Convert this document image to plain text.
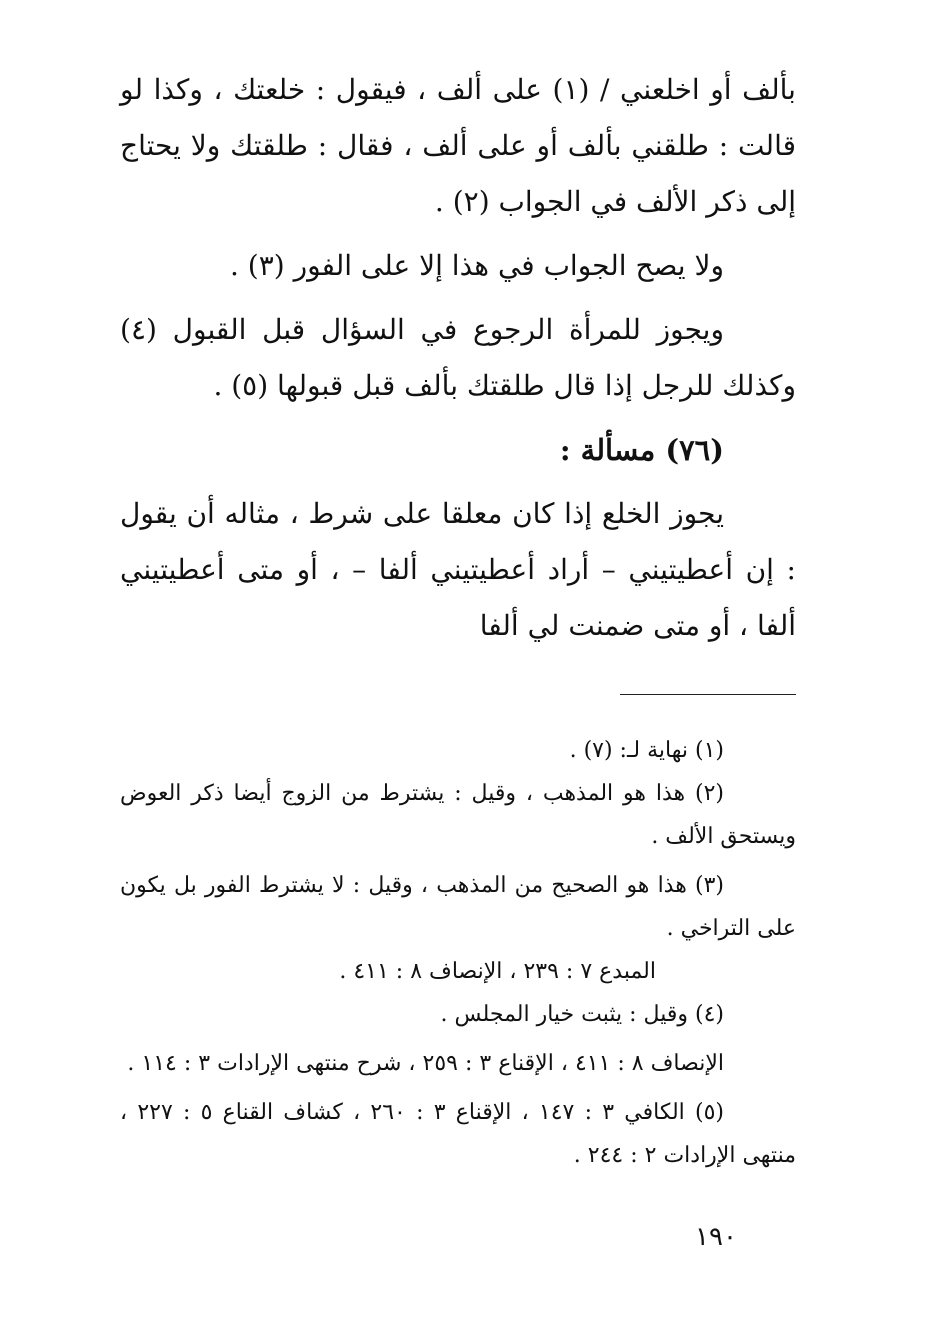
بألف أو اخلعني / (١) على ألف ، فيقول : خلعتك ، وكذا لو قالت : طلقني بألف أو على ألف ، فقال : طلقتك ولا يحتاج إلى ذكر الألف في الجواب (٢) .

ولا يصح الجواب في هذا إلا على الفور (٣) .

ويجوز للمرأة الرجوع في السؤال قبل القبول (٤) وكذلك للرجل إذا قال طلقتك بألف قبل قبولها (٥) .

(٧٦) مسألة :

يجوز الخلع إذا كان معلقا على شرط ، مثاله أن يقول : إن أعطيتيني – أراد أعطيتيني ألفا – ، أو متى أعطيتيني ألفا ، أو متى ضمنت لي ألفا

(١) نهاية لـ: (٧) .

(٢) هذا هو المذهب ، وقيل : يشترط من الزوج أيضا ذكر العوض ويستحق الألف .

(٣) هذا هو الصحيح من المذهب ، وقيل : لا يشترط الفور بل يكون على التراخي .

المبدع ٧ : ٢٣٩ ، الإنصاف ٨ : ٤١١ .

(٤) وقيل : يثبت خيار المجلس .

الإنصاف ٨ : ٤١١ ، الإقناع ٣ : ٢٥٩ ، شرح منتهى الإرادات ٣ : ١١٤ .

(٥) الكافي ٣ : ١٤٧ ، الإقناع ٣ : ٢٦٠ ، كشاف القناع ٥ : ٢٢٧ ، منتهى الإرادات ٢ : ٢٤٤ .

١٩٠
